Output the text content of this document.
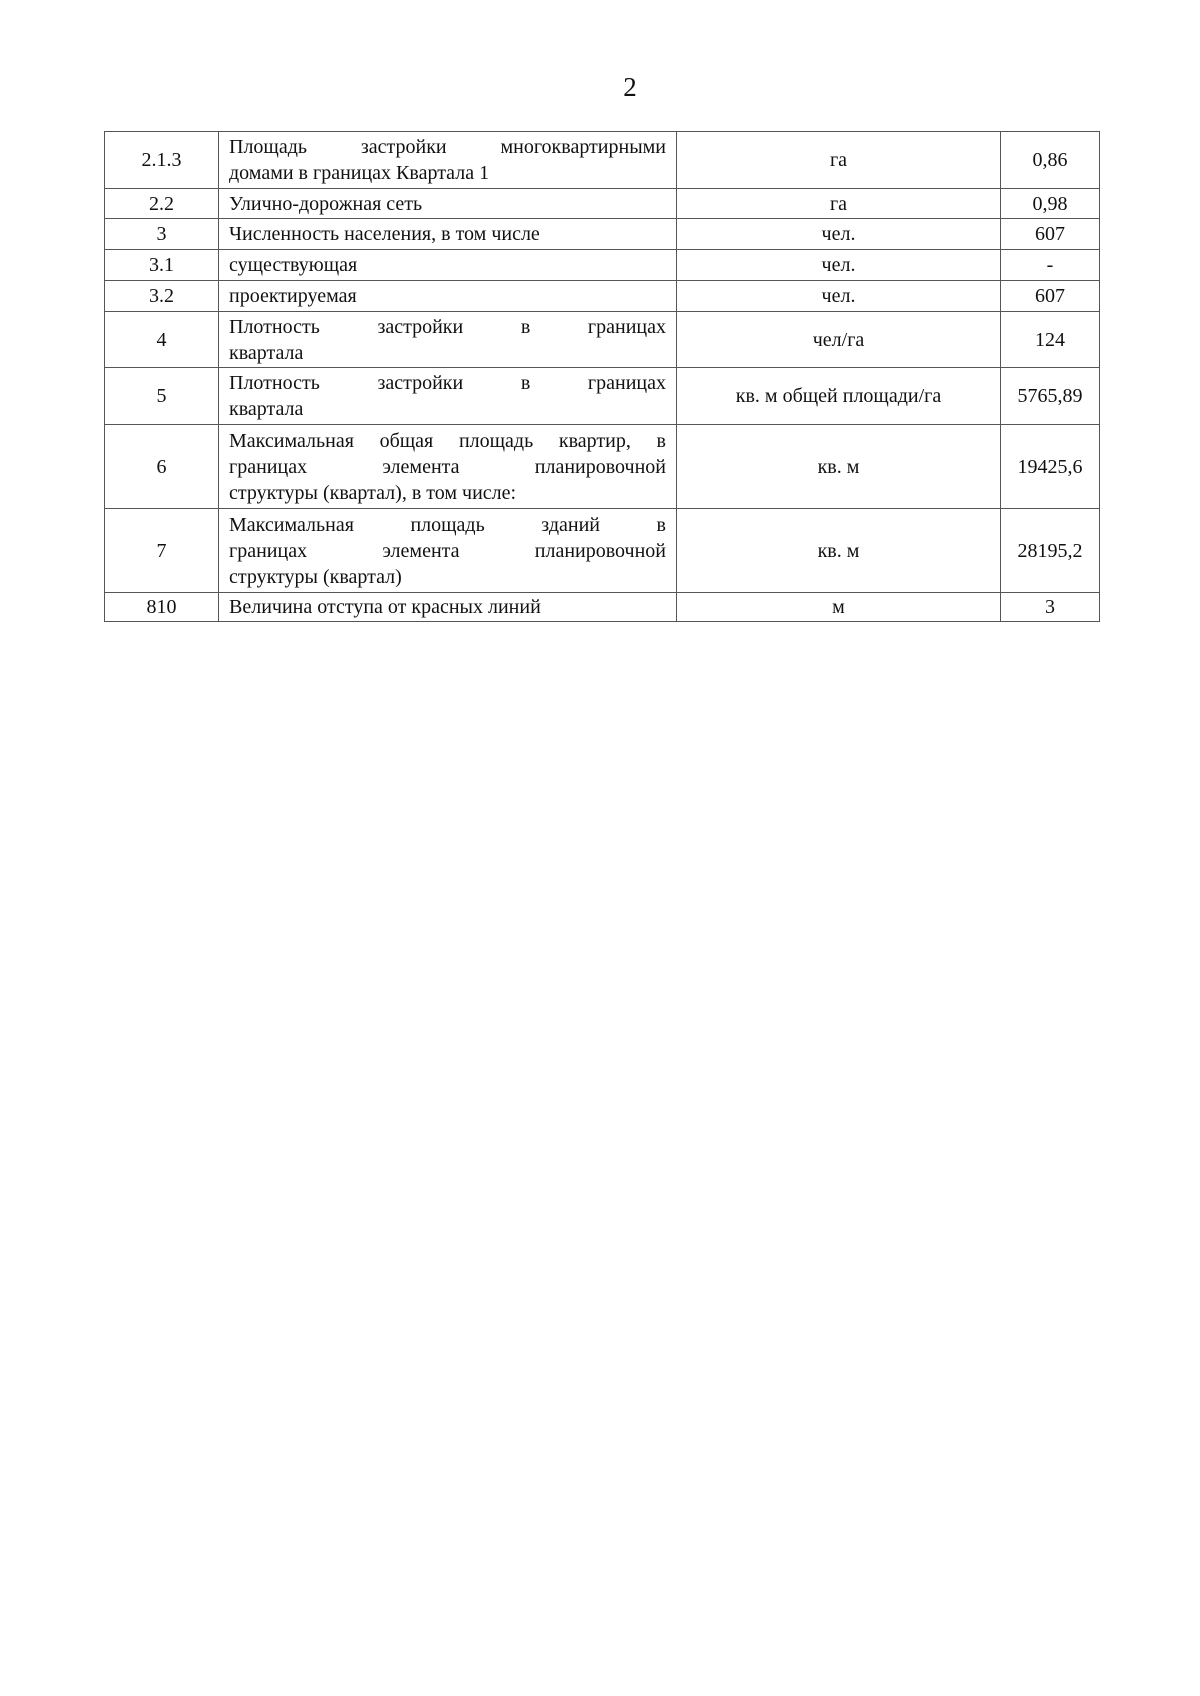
2
2.1.3	Площадь застройки многоквартирными
домами в границах Квартала 1	га	0,86
2.2	Улично-дорожная сеть	га	0,98
3	Численность населения, в том числе	чел.	607
3.1	существующая	чел.	-
3.2	проектируемая	чел.	607
4	Плотность застройки в границах
квартала	чел/га	124
5	Плотность застройки в границах
квартала	кв. м общей площади/га	5765,89
6	Максимальная общая площадь квартир, в
границах элемента планировочной
структуры (квартал), в том числе:	кв. м	19425,6
7	Максимальная площадь зданий в
границах элемента планировочной
структуры (квартал)	кв. м	28195,2
810	Величина отступа от красных линий	м	3
